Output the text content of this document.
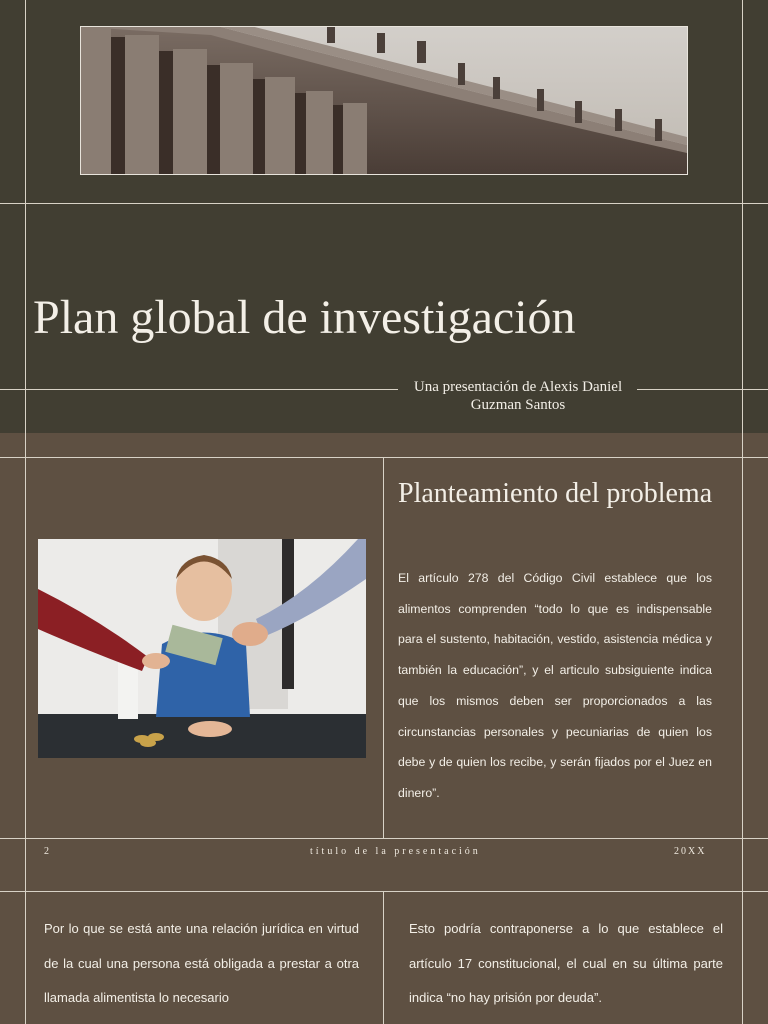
Plan global de investigación
Una presentación de Alexis Daniel Guzman Santos
Planteamiento del problema

El artículo 278 del Código Civil establece que los alimentos comprenden “todo lo que es indispensable para el sustento, habitación, vestido, asistencia médica y también la educación”, y el articulo subsiguiente indica que los mismos deben ser proporcionados a las circunstancias personales y pecuniarias de quien los debe y de quien los recibe, y serán fijados por el Juez en dinero”.

2	título de la presentación	20XX

Por lo que se está ante una relación jurídica en virtud de la cual una persona está obligada a prestar a otra llamada alimentista lo necesario

Esto podría contraponerse a lo que establece el artículo 17 constitucional, el cual en su última parte indica “no hay prisión por deuda”.
